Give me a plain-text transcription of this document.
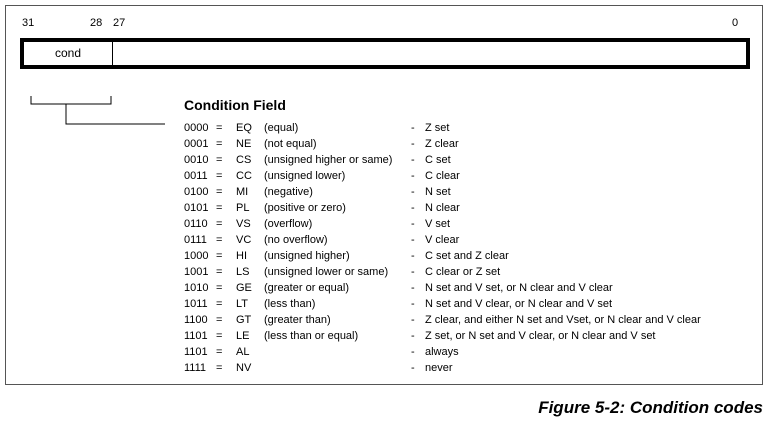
31	28 27	0
cond
Condition Field
0000 = EQ (equal)	- Z set
0001 = NE (not equal)	- Z clear
0010 = CS (unsigned higher or same) - C set
0011 = CC (unsigned lower)	- C clear
0100 = MI (negative)	- N set
0101 = PL (positive or zero)	- N clear
0110 = VS (overflow)	- V set
0111 = VC (no overflow)	- V clear
1000 = HI (unsigned higher)	- C set and Z clear
1001 = LS (unsigned lower or same) - C clear or Z set
1010 = GE (greater or equal)	- N set and V set, or N clear and V clear
1011 = LT (less than)	- N set and V clear, or N clear and V set
1100 = GT (greater than)	- Z clear, and either N set and Vset, or N clear and V clear
1101 = LE (less than or equal)	- Z set, or N set and V clear, or N clear and V set
1101 = AL	- always
1111 = NV	- never
Figure 5-2: Condition codes
